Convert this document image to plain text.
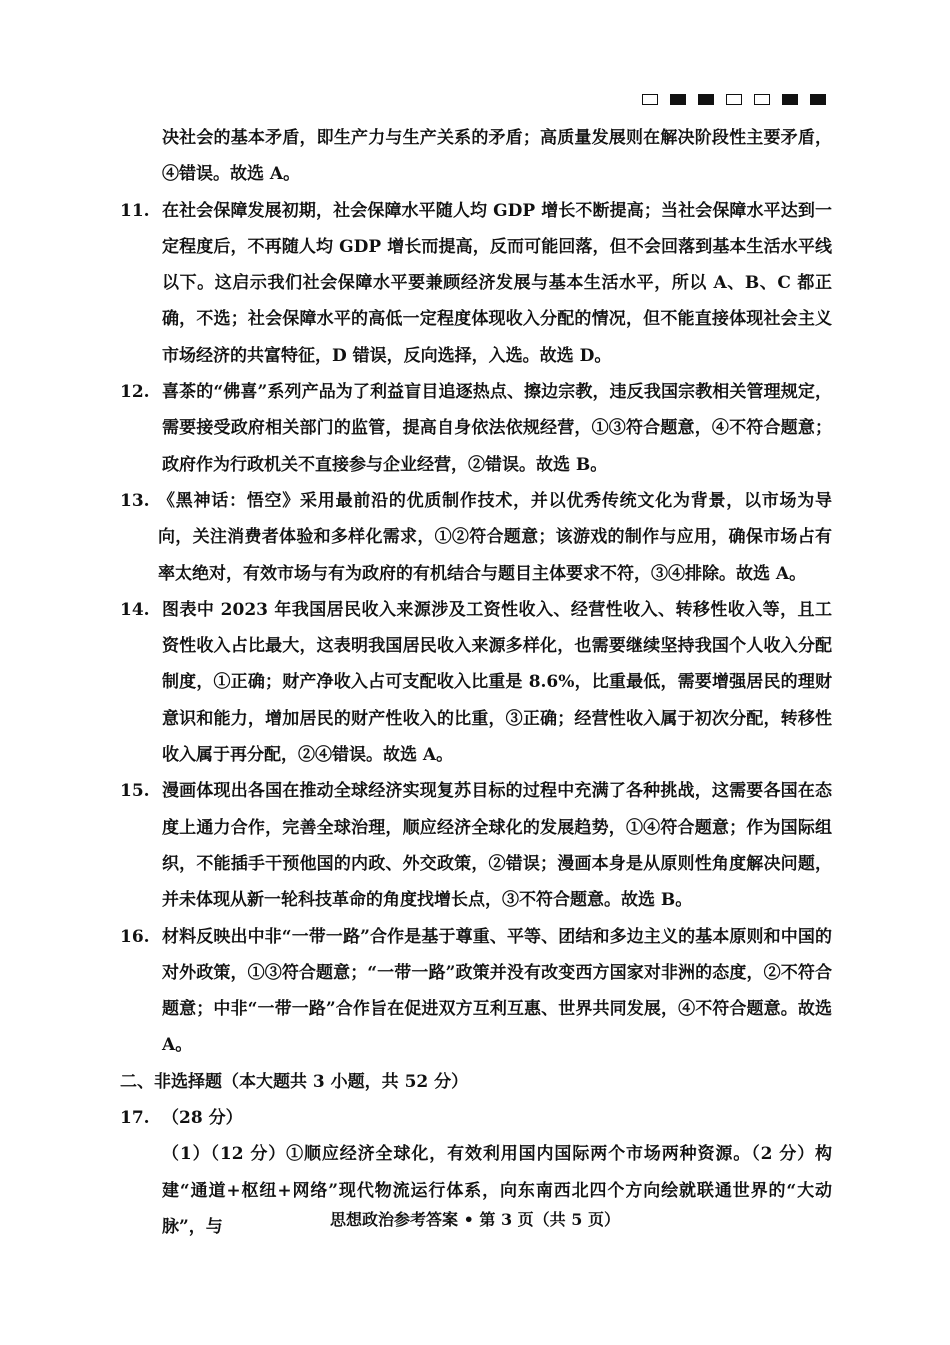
决社会的基本矛盾，即生产力与生产关系的矛盾；高质量发展则在解决阶段性主要矛盾，④错误。故选 A。

11. 在社会保障发展初期，社会保障水平随人均 GDP 增长不断提高；当社会保障水平达到一定程度后，不再随人均 GDP 增长而提高，反而可能回落，但不会回落到基本生活水平线以下。这启示我们社会保障水平要兼顾经济发展与基本生活水平，所以 A、B、C 都正确，不选；社会保障水平的高低一定程度体现收入分配的情况，但不能直接体现社会主义市场经济的共富特征，D 错误，反向选择，入选。故选 D。
12. 喜茶的“佛喜”系列产品为了利益盲目追逐热点、擦边宗教，违反我国宗教相关管理规定，需要接受政府相关部门的监管，提高自身依法依规经营，①③符合题意，④不符合题意；政府作为行政机关不直接参与企业经营，②错误。故选 B。
13. 《黑神话：悟空》采用最前沿的优质制作技术，并以优秀传统文化为背景，以市场为导向，关注消费者体验和多样化需求，①②符合题意；该游戏的制作与应用，确保市场占有率太绝对，有效市场与有为政府的有机结合与题目主体要求不符，③④排除。故选 A。
14. 图表中 2023 年我国居民收入来源涉及工资性收入、经营性收入、转移性收入等，且工资性收入占比最大，这表明我国居民收入来源多样化，也需要继续坚持我国个人收入分配制度，①正确；财产净收入占可支配收入比重是 8.6%，比重最低，需要增强居民的理财意识和能力，增加居民的财产性收入的比重，③正确；经营性收入属于初次分配，转移性收入属于再分配，②④错误。故选 A。
15. 漫画体现出各国在推动全球经济实现复苏目标的过程中充满了各种挑战，这需要各国在态度上通力合作，完善全球治理，顺应经济全球化的发展趋势，①④符合题意；作为国际组织，不能插手干预他国的内政、外交政策，②错误；漫画本身是从原则性角度解决问题，并未体现从新一轮科技革命的角度找增长点，③不符合题意。故选 B。
16. 材料反映出中非“一带一路”合作是基于尊重、平等、团结和多边主义的基本原则和中国的对外政策，①③符合题意；“一带一路”政策并没有改变西方国家对非洲的态度，②不符合题意；中非“一带一路”合作旨在促进双方互利互惠、世界共同发展，④不符合题意。故选 A。

二、非选择题（本大题共 3 小题，共 52 分）

17. （28 分）

（1）（12 分）①顺应经济全球化，有效利用国内国际两个市场两种资源。（2 分）构建“通道+枢纽+网络”现代物流运行体系，向东南西北四个方向绘就联通世界的“大动脉”，与	思想政治参考答案 • 第 3 页（共 5 页）
